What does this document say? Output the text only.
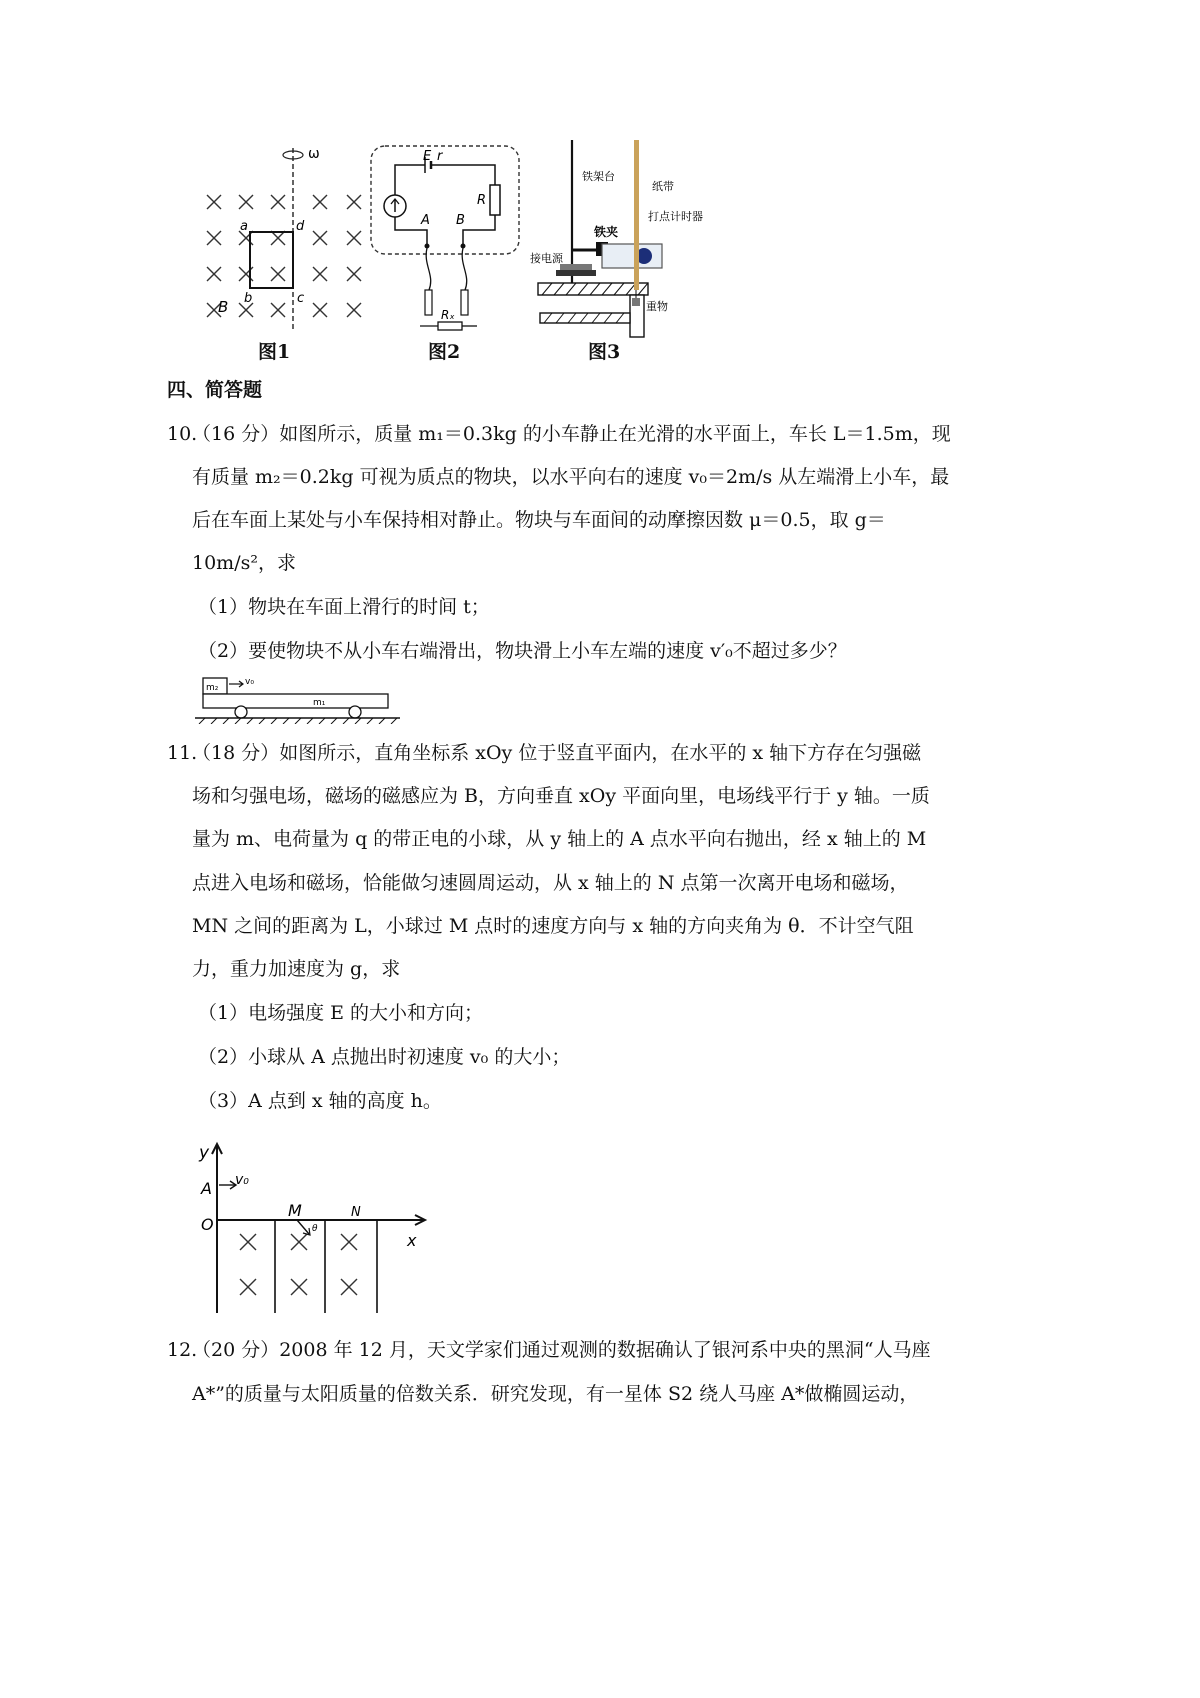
ω
a	d
b	c
B
图1
E r
R
A B
Rₓ
图2
铁架台
纸带
铁夹
打点计时器
接电源
重物
图3
四、简答题
10.
（16 分）如图所示，质量 m₁＝0.3kg 的小车静止在光滑的水平面上，车长 L＝1.5m，现
有质量 m₂＝0.2kg 可视为质点的物块，以水平向右的速度 v₀＝2m/s 从左端滑上小车，最
后在车面上某处与小车保持相对静止。物块与车面间的动摩擦因数 μ＝0.5，取 g＝
10m/s²，求
（1）物块在车面上滑行的时间 t；
（2）要使物块不从小车右端滑出，物块滑上小车左端的速度 v′₀不超过多少？
m₂
v₀
m₁
11.
（18 分）如图所示，直角坐标系 xOy 位于竖直平面内，在水平的 x 轴下方存在匀强磁
场和匀强电场，磁场的磁感应为 B，方向垂直 xOy 平面向里，电场线平行于 y 轴。一质
量为 m、电荷量为 q 的带正电的小球，从 y 轴上的 A 点水平向右抛出，经 x 轴上的 M
点进入电场和磁场，恰能做匀速圆周运动，从 x 轴上的 N 点第一次离开电场和磁场，
MN 之间的距离为 L，小球过 M 点时的速度方向与 x 轴的方向夹角为 θ．不计空气阻
力，重力加速度为 g，求
（1）电场强度 E 的大小和方向；
（2）小球从 A 点抛出时初速度 v₀ 的大小；
（3）A 点到 x 轴的高度 h。
y
x
O
A v₀
M	N
θ
12.
（20 分）2008 年 12 月，天文学家们通过观测的数据确认了银河系中央的黑洞“人马座
A*”的质量与太阳质量的倍数关系．研究发现，有一星体 S2 绕人马座 A*做椭圆运动，
